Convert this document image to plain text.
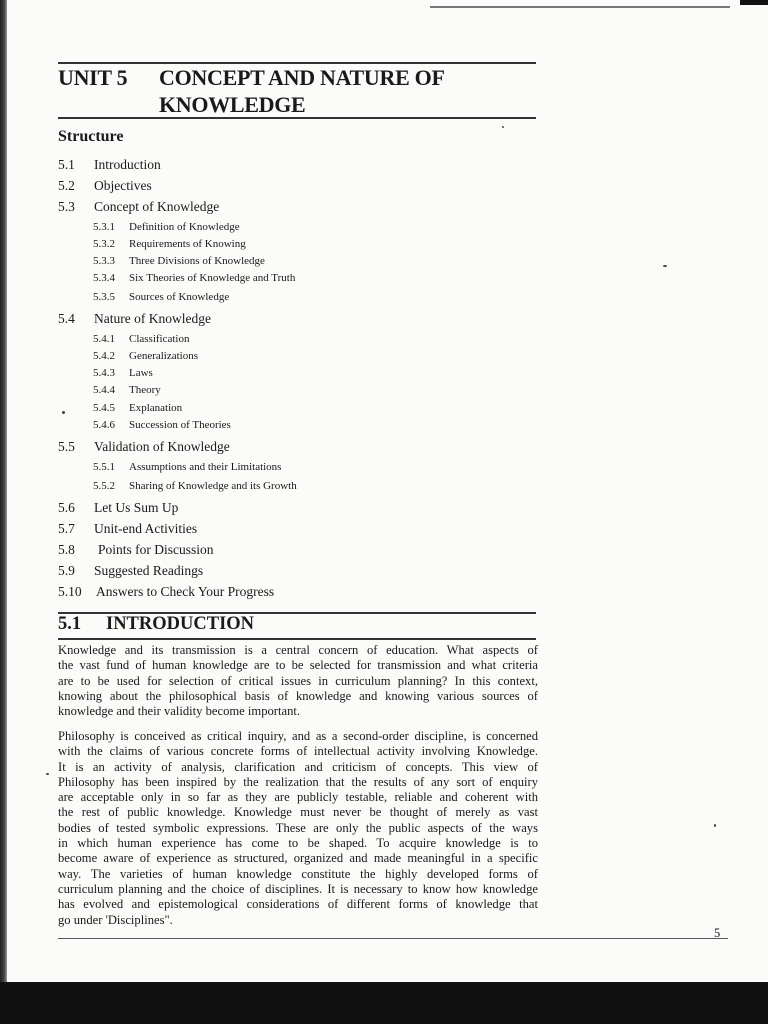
UNIT 5 CONCEPT AND NATURE OF
KNOWLEDGE
Structure
5.1 Introduction
5.2 Objectives
5.3 Concept of Knowledge
5.3.1 Definition of Knowledge
5.3.2 Requirements of Knowing
5.3.3 Three Divisions of Knowledge
5.3.4 Six Theories of Knowledge and Truth
5.3.5 Sources of Knowledge
5.4 Nature of Knowledge
5.4.1 Classification
5.4.2 Generalizations
5.4.3 Laws
5.4.4 Theory
5.4.5 Explanation
5.4.6 Succession of Theories
5.5 Validation of Knowledge
5.5.1 Assumptions and their Limitations
5.5.2 Sharing of Knowledge and its Growth
5.6 Let Us Sum Up
5.7 Unit-end Activities
5.8 Points for Discussion
5.9 Suggested Readings
5.10 Answers to Check Your Progress
5.1 INTRODUCTION
Knowledge and its transmission is a central concern of education. What aspects of
the vast fund of human knowledge are to be selected for transmission and what criteria
are to be used for selection of critical issues in curriculum planning? In this context,
knowing about the philosophical basis of knowledge and knowing various sources of
knowledge and their validity become important.
Philosophy is conceived as critical inquiry, and as a second-order discipline, is concerned
with the claims of various concrete forms of intellectual activity involving Knowledge.
It is an activity of analysis, clarification and criticism of concepts. This view of
Philosophy has been inspired by the realization that the results of any sort of enquiry
are acceptable only in so far as they are publicly testable, reliable and coherent with
the rest of public knowledge. Knowledge must never be thought of merely as vast
bodies of tested symbolic expressions. These are only the public aspects of the ways
in which human experience has come to be shaped. To acquire knowledge is to
become aware of experience as structured, organized and made meaningful in a specific
way. The varieties of human knowledge constitute the highly developed forms of
curriculum planning and the choice of disciplines. It is necessary to know how knowledge
has evolved and epistemological considerations of different forms of knowledge that
go under 'Disciplines".
5
